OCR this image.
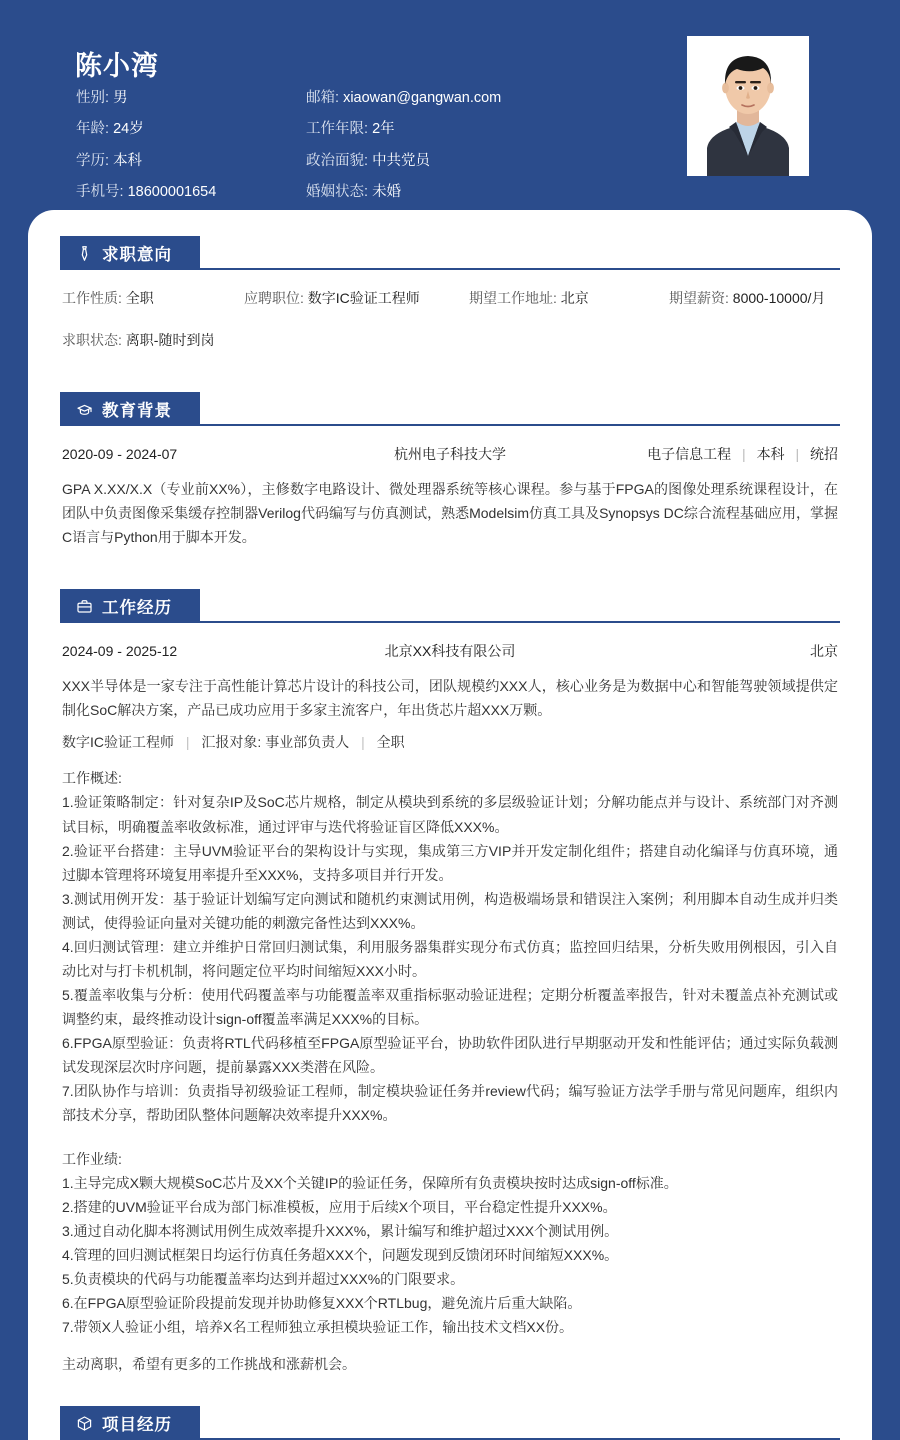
陈小湾
性别: 男	邮箱: xiaowan@gangwan.com
年龄: 24岁	工作年限: 2年
学历: 本科	政治面貌: 中共党员
手机号: 18600001654	婚姻状态: 未婚
求职意向
工作性质: 全职	应聘职位: 数字IC验证工程师	期望工作地址: 北京	期望薪资: 8000-10000/月
求职状态: 离职-随时到岗
教育背景
2020-09 - 2024-07	杭州电子科技大学	电子信息工程 | 本科 | 统招
GPA X.XX/X.X（专业前XX%），主修数字电路设计、微处理器系统等核心课程。参与基于FPGA的图像处理系统课程设计，在团队中负责图像采集缓存控制器Verilog代码编写与仿真测试，熟悉Modelsim仿真工具及Synopsys DC综合流程基础应用，掌握C语言与Python用于脚本开发。
工作经历
2024-09 - 2025-12	北京XX科技有限公司	北京
XXX半导体是一家专注于高性能计算芯片设计的科技公司，团队规模约XXX人，核心业务是为数据中心和智能驾驶领域提供定制化SoC解决方案，产品已成功应用于多家主流客户，年出货芯片超XXX万颗。
数字IC验证工程师 | 汇报对象: 事业部负责人 | 全职
工作概述:
1.验证策略制定：针对复杂IP及SoC芯片规格，制定从模块到系统的多层级验证计划；分解功能点并与设计、系统部门对齐测试目标，明确覆盖率收敛标准，通过评审与迭代将验证盲区降低XXX%。
2.验证平台搭建：主导UVM验证平台的架构设计与实现，集成第三方VIP并开发定制化组件；搭建自动化编译与仿真环境，通过脚本管理将环境复用率提升至XXX%，支持多项目并行开发。
3.测试用例开发：基于验证计划编写定向测试和随机约束测试用例，构造极端场景和错误注入案例；利用脚本自动生成并归类测试，使得验证向量对关键功能的刺激完备性达到XXX%。
4.回归测试管理：建立并维护日常回归测试集，利用服务器集群实现分布式仿真；监控回归结果，分析失败用例根因，引入自动比对与打卡机机制，将问题定位平均时间缩短XXX小时。
5.覆盖率收集与分析：使用代码覆盖率与功能覆盖率双重指标驱动验证进程；定期分析覆盖率报告，针对未覆盖点补充测试或调整约束，最终推动设计sign-off覆盖率满足XXX%的目标。
6.FPGA原型验证：负责将RTL代码移植至FPGA原型验证平台，协助软件团队进行早期驱动开发和性能评估；通过实际负载测试发现深层次时序问题，提前暴露XXX类潜在风险。
7.团队协作与培训：负责指导初级验证工程师，制定模块验证任务并review代码；编写验证方法学手册与常见问题库，组织内部技术分享，帮助团队整体问题解决效率提升XXX%。
工作业绩:
1.主导完成X颗大规模SoC芯片及XX个关键IP的验证任务，保障所有负责模块按时达成sign-off标准。
2.搭建的UVM验证平台成为部门标准模板，应用于后续X个项目，平台稳定性提升XXX%。
3.通过自动化脚本将测试用例生成效率提升XXX%，累计编写和维护超过XXX个测试用例。
4.管理的回归测试框架日均运行仿真任务超XXX个，问题发现到反馈闭环时间缩短XXX%。
5.负责模块的代码与功能覆盖率均达到并超过XXX%的门限要求。
6.在FPGA原型验证阶段提前发现并协助修复XXX个RTLbug，避免流片后重大缺陷。
7.带领X人验证小组，培养X名工程师独立承担模块验证工作，输出技术文档XX份。
主动离职，希望有更多的工作挑战和涨薪机会。
项目经历
